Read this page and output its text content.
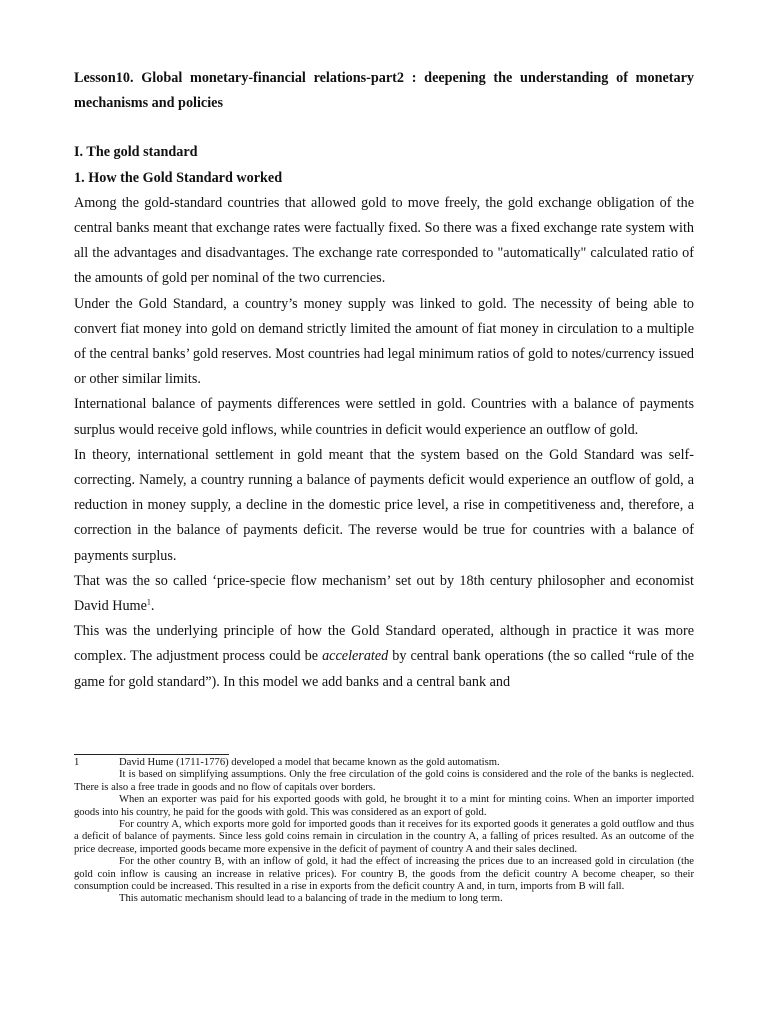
Lesson10. Global monetary-financial relations-part2 : deepening the understanding of monetary mechanisms and policies

I. The gold standard

1. How the Gold Standard worked

Among the gold-standard countries that allowed gold to move freely, the gold exchange obligation of the central banks meant that exchange rates were factually fixed. So there was a fixed exchange rate system with all the advantages and disadvantages. The exchange rate corresponded to "automatically" calculated ratio of the amounts of gold per nominal of the two currencies.

Under the Gold Standard, a country’s money supply was linked to gold. The necessity of being able to convert fiat money into gold on demand strictly limited the amount of fiat money in circulation to a multiple of the central banks’ gold reserves. Most countries had legal minimum ratios of gold to notes/currency issued or other similar limits.

International balance of payments differences were settled in gold. Countries with a balance of payments surplus would receive gold inflows, while countries in deficit would experience an outflow of gold.

In theory, international settlement in gold meant that the system based on the Gold Standard was self-correcting. Namely, a country running a balance of payments deficit would experience an outflow of gold, a reduction in money supply, a decline in the domestic price level, a rise in competitiveness and, therefore, a correction in the balance of payments deficit. The reverse would be true for countries with a balance of payments surplus.

That was the so called ‘price-specie flow mechanism’ set out by 18th century philosopher and economist David Hume$^1$.

This was the underlying principle of how the Gold Standard operated, although in practice it was more complex. The adjustment process could be accelerated by central bank operations (the so called “rule of the game for gold standard”). In this model we add banks and a central bank and

1	David Hume (1711-1776) developed a model that became known as the gold automatism.

It is based on simplifying assumptions. Only the free circulation of the gold coins is considered and the role of the banks is neglected. There is also a free trade in goods and no flow of capitals over borders.

When an exporter was paid for his exported goods with gold, he brought it to a mint for minting coins. When an importer imported goods into his country, he paid for the goods with gold. This was considered as an export of gold.

For country A, which exports more gold for imported goods than it receives for its exported goods it generates a gold outflow and thus a deficit of balance of payments. Since less gold coins remain in circulation in the country A, a falling of prices resulted. As an outcome of the price decrease, imported goods became more expensive in the deficit of payment of country A and their sales declined.

For the other country B, with an inflow of gold, it had the effect of increasing the prices due to an increased gold in circulation (the gold coin inflow is causing an increase in relative prices). For country B, the goods from the deficit country A become cheaper, so their consumption could be increased. This resulted in a rise in exports from the deficit country A and, in turn, imports from B will fall.

This automatic mechanism should lead to a balancing of trade in the medium to long term.
